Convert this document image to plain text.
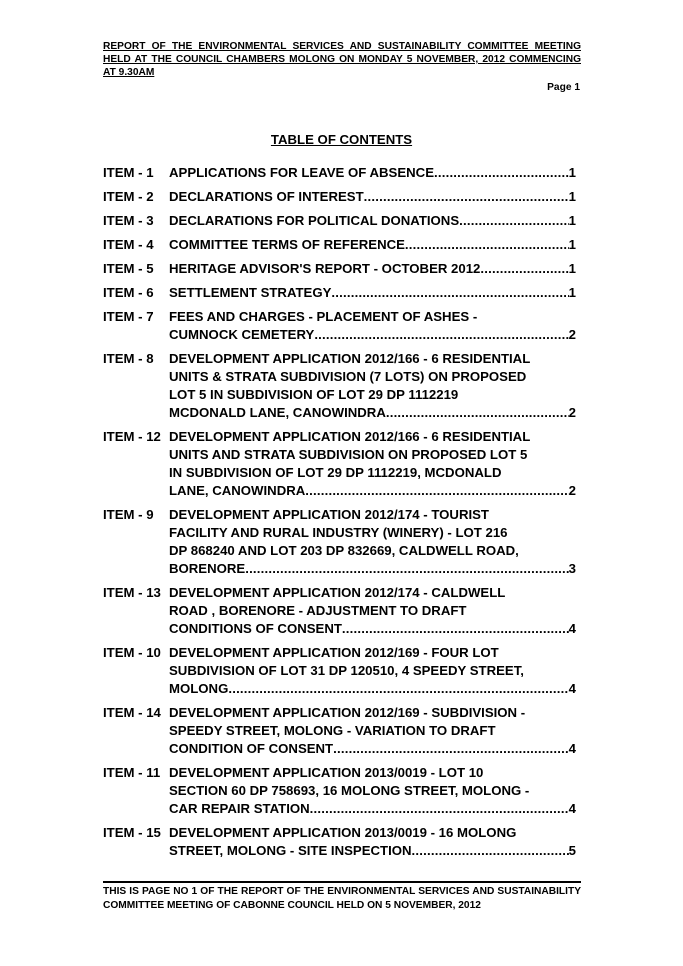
REPORT OF THE ENVIRONMENTAL SERVICES AND SUSTAINABILITY COMMITTEE MEETING HELD AT THE COUNCIL CHAMBERS MOLONG ON MONDAY 5 NOVEMBER, 2012 COMMENCING AT 9.30AM
Page 1
TABLE OF CONTENTS
ITEM - 1	APPLICATIONS FOR LEAVE OF ABSENCE .....	1
ITEM - 2	DECLARATIONS OF INTEREST .....	1
ITEM - 3	DECLARATIONS FOR POLITICAL DONATIONS .....	1
ITEM - 4	COMMITTEE TERMS OF REFERENCE .....	1
ITEM - 5	HERITAGE ADVISOR'S REPORT - OCTOBER 2012 .....	1
ITEM - 6	SETTLEMENT STRATEGY .....	1
ITEM - 7	FEES AND CHARGES - PLACEMENT OF ASHES -
CUMNOCK CEMETERY .....	2
ITEM - 8	DEVELOPMENT APPLICATION 2012/166 - 6 RESIDENTIAL
UNITS & STRATA SUBDIVISION (7 LOTS) ON PROPOSED
LOT 5 IN SUBDIVISION OF LOT 29 DP 1112219
MCDONALD LANE, CANOWINDRA .....	2
ITEM - 12 DEVELOPMENT APPLICATION 2012/166 - 6 RESIDENTIAL
UNITS AND STRATA SUBDIVISION ON PROPOSED LOT 5
IN SUBDIVISION OF LOT 29 DP 1112219, MCDONALD
LANE, CANOWINDRA .....	2
ITEM - 9	DEVELOPMENT APPLICATION 2012/174 - TOURIST
FACILITY AND RURAL INDUSTRY (WINERY) - LOT 216
DP 868240 AND LOT 203 DP 832669, CALDWELL ROAD,
BORENORE .....	3
ITEM - 13 DEVELOPMENT APPLICATION 2012/174 - CALDWELL
ROAD , BORENORE - ADJUSTMENT TO DRAFT
CONDITIONS OF CONSENT .....	4
ITEM - 10 DEVELOPMENT APPLICATION 2012/169 - FOUR LOT
SUBDIVISION OF LOT 31 DP 120510, 4 SPEEDY STREET,
MOLONG .....	4
ITEM - 14 DEVELOPMENT APPLICATION 2012/169 - SUBDIVISION -
SPEEDY STREET, MOLONG - VARIATION TO DRAFT
CONDITION OF CONSENT .....	4
ITEM - 11 DEVELOPMENT APPLICATION 2013/0019 - LOT 10
SECTION 60 DP 758693, 16 MOLONG STREET, MOLONG -
CAR REPAIR STATION .....	4
ITEM - 15 DEVELOPMENT APPLICATION 2013/0019 - 16 MOLONG
STREET, MOLONG - SITE INSPECTION .....	5
THIS IS PAGE NO 1 OF THE REPORT OF THE ENVIRONMENTAL SERVICES AND SUSTAINABILITY COMMITTEE MEETING OF CABONNE COUNCIL HELD ON 5 NOVEMBER, 2012
